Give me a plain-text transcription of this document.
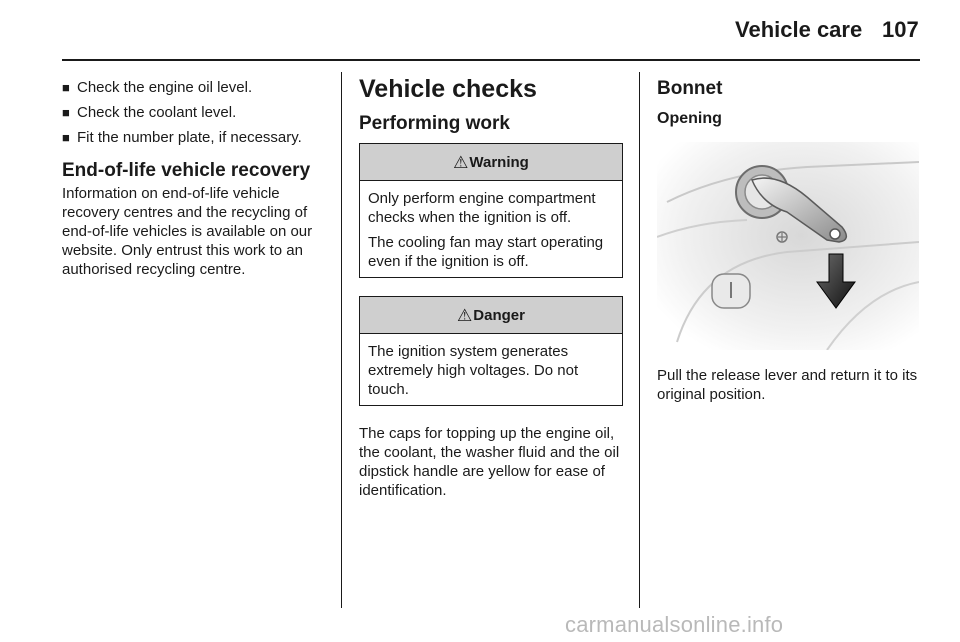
Vehicle care 107
■ Check the engine oil level.
■ Check the coolant level.
■ Fit the number plate, if necessary.
End-of-life vehicle recovery

Information on end-of-life vehicle recovery centres and the recycling of end-of-life vehicles is available on our website. Only entrust this work to an authorised recycling centre.

Vehicle checks
Performing work
⚠ Warning

Only perform engine compartment checks when the ignition is off.

The cooling fan may start operating even if the ignition is off.

⚠ Danger

The ignition system generates extremely high voltages. Do not touch.

The caps for topping up the engine oil, the coolant, the washer fluid and the oil dipstick handle are yellow for ease of identification.

Bonnet
Opening

Pull the release lever and return it to its original position.

carmanualsonline.info
